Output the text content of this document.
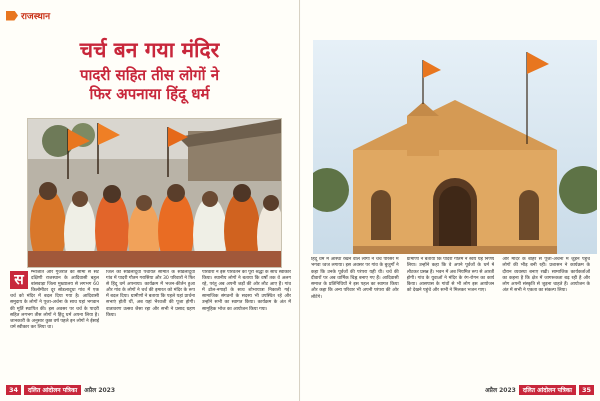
राजस्थान
चर्च बन गया मंदिर
पादरी सहित तीस लोगों ने
फिर अपनाया हिंदू धर्म
स	म्भाजीत और गुजरात की सीमा से सटे दक्षिणी राजस्थान के आदिवासी बहुल बांसवाड़ा जिला मुख्यालय से लगभग 60 किलोमीटर दूर सोडलादूधा गांव में एक चर्च को मंदिर में बदल दिया गया है। आदिवासी समुदाय के लोगों ने पूजा-अर्चना के साथ यहां भगवान की मूर्ति स्थापित की। इस अवसर पर चर्च के पादरी सहित लगभग तीस लोगों ने हिंदू धर्म अपना लिया है। जानकारी के अनुसार कुछ वर्ष पहले इन लोगों ने ईसाई धर्म स्वीकार कर लिया था।
जिले की सोडलादूधा पंचायत समिति के सोडलादूधा गांव में पादरी गौतम गरासिया और 30 परिवारों ने फिर से हिंदू धर्म अपनाया। कार्यक्रम में भजन-कीर्तन हुआ और गांव के लोगों ने चर्च की इमारत को मंदिर के रूप में बदल दिया। ग्रामीणों ने बताया कि पहले यहां प्रार्थना सभाएं होती थीं, अब यहां भैरवजी की पूजा होगी। वातावरण उत्सव जैसा रहा और सभी ने प्रसाद ग्रहण किया।
परिवारों ने इस परिवर्तन को पूरी श्रद्धा के साथ स्वीकार किया। स्थानीय लोगों ने बताया कि वर्षों तक वे अलग रहे, परंतु अब अपनी जड़ों की ओर लौट आए हैं। गांव में ढोल-नगाड़ों के साथ शोभायात्रा निकाली गई। सामाजिक संगठनों के सदस्य भी उपस्थित रहे और उन्होंने सभी का स्वागत किया। कार्यक्रम के अंत में सामूहिक भोज का आयोजन किया गया।
34	दलित आंदोलन पत्रिका	अप्रैल 2023
हिंदू धर्म में आस्था रखने वाले लोगों ने चर्च परिसर में भगवा ध्वज लगाया। इस अवसर पर गांव के बुजुर्गों ने कहा कि उनके पूर्वजों की परंपरा यही थी। चर्च की दीवारों पर अब धार्मिक चिह्न बनाए गए हैं। आदिवासी समाज के प्रतिनिधियों ने इस पहल का स्वागत किया और कहा कि अन्य परिवार भी अपनी परंपरा की ओर लौटेंगे।
ग्रामीणों ने बताया कि पादरी गौतम ने स्वयं यह निर्णय लिया। उन्होंने कहा कि वे अपने पूर्वजों के धर्म में लौटकर प्रसन्न हैं। भवन में अब नियमित रूप से आरती होगी। गांव के युवाओं ने मंदिर के रंग-रोगन का कार्य किया। आसपास के गांवों से भी लोग इस आयोजन को देखने पहुंचे और सभी ने मिलकर भजन गाए।
और मंदिर के बाहर से पूजा-अर्चना में जुड़ने पहुंचे लोगों की भीड़ बनी रही। प्रशासन ने कार्यक्रम के दौरान व्यवस्था बनाए रखी। सामाजिक कार्यकर्ताओं का कहना है कि क्षेत्र में जागरूकता बढ़ रही है और लोग अपनी संस्कृति से जुड़ना चाहते हैं। आयोजन के अंत में सभी ने एकता का संकल्प लिया।
अप्रैल 2023	दलित आंदोलन पत्रिका	35
